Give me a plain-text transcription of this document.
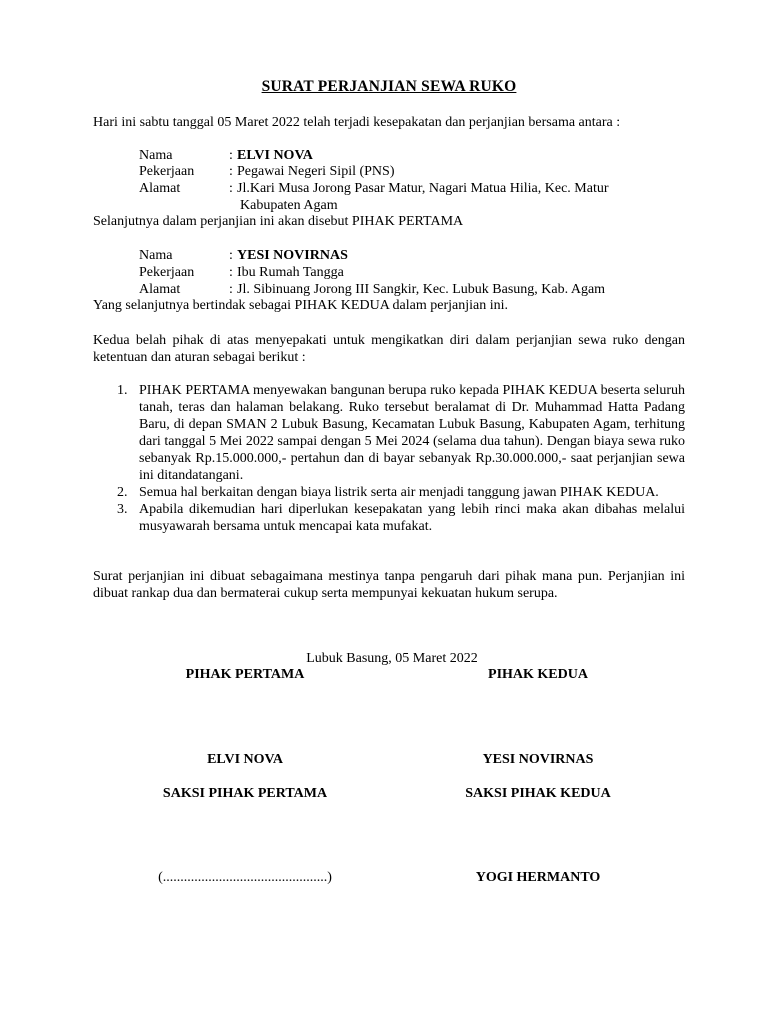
SURAT PERJANJIAN SEWA RUKO
Hari ini sabtu tanggal 05 Maret 2022 telah terjadi kesepakatan dan perjanjian bersama antara :
Nama	: ELVI NOVA
Pekerjaan : Pegawai Negeri Sipil (PNS)
Alamat	: Jl.Kari Musa Jorong Pasar Matur, Nagari Matua Hilia, Kec. Matur
Kabupaten Agam
Selanjutnya dalam perjanjian ini akan disebut PIHAK PERTAMA
Nama	: YESI NOVIRNAS
Pekerjaan : Ibu Rumah Tangga
Alamat	: Jl. Sibinuang Jorong III Sangkir, Kec. Lubuk Basung, Kab. Agam
Yang selanjutnya bertindak sebagai PIHAK KEDUA dalam perjanjian ini.
Kedua belah pihak di atas menyepakati untuk mengikatkan diri dalam perjanjian sewa ruko dengan ketentuan dan aturan sebagai berikut :
1. PIHAK PERTAMA menyewakan bangunan berupa ruko kepada PIHAK KEDUA beserta seluruh tanah, teras dan halaman belakang. Ruko tersebut beralamat di Dr. Muhammad Hatta Padang Baru, di depan SMAN 2 Lubuk Basung, Kecamatan Lubuk Basung, Kabupaten Agam, terhitung dari tanggal 5 Mei 2022 sampai dengan 5 Mei 2024 (selama dua tahun). Dengan biaya sewa ruko sebanyak Rp.15.000.000,- pertahun dan di bayar sebanyak Rp.30.000.000,- saat perjanjian sewa ini ditandatangani.
2. Semua hal berkaitan dengan biaya listrik serta air menjadi tanggung jawan PIHAK KEDUA.
3. Apabila dikemudian hari diperlukan kesepakatan yang lebih rinci maka akan dibahas melalui musyawarah bersama untuk mencapai kata mufakat.
Surat perjanjian ini dibuat sebagaimana mestinya tanpa pengaruh dari pihak mana pun. Perjanjian ini dibuat rankap dua dan bermaterai cukup serta mempunyai kekuatan hukum serupa.
Lubuk Basung, 05 Maret 2022
PIHAK PERTAMA	PIHAK KEDUA
ELVI NOVA	YESI NOVIRNAS
SAKSI PIHAK PERTAMA	SAKSI PIHAK KEDUA
(...............................................)	YOGI HERMANTO
